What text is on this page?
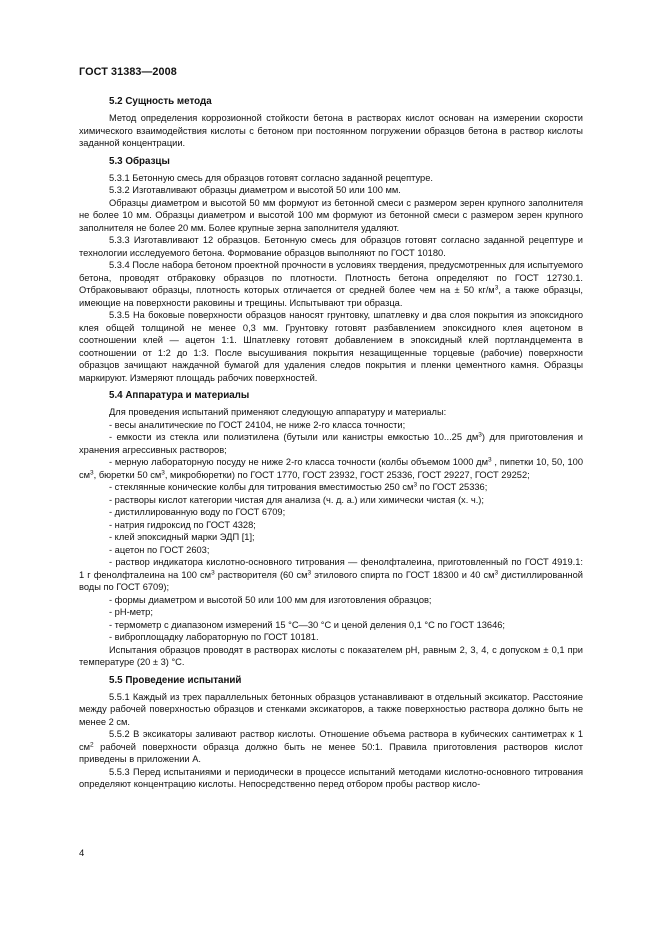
ГОСТ 31383—2008
5.2 Сущность метода

Метод определения коррозионной стойкости бетона в растворах кислот основан на измерении скорости химического взаимодействия кислоты с бетоном при постоянном погружении образцов бетона в раствор кислоты заданной концентрации.

5.3 Образцы

5.3.1 Бетонную смесь для образцов готовят согласно заданной рецептуре.

5.3.2 Изготавливают образцы диаметром и высотой 50 или 100 мм.

Образцы диаметром и высотой 50 мм формуют из бетонной смеси с размером зерен крупного заполнителя не более 10 мм. Образцы диаметром и высотой 100 мм формуют из бетонной смеси с размером зерен крупного заполнителя не более 20 мм. Более крупные зерна заполнителя удаляют.

5.3.3 Изготавливают 12 образцов. Бетонную смесь для образцов готовят согласно заданной рецептуре и технологии исследуемого бетона. Формование образцов выполняют по ГОСТ 10180.

5.3.4 После набора бетоном проектной прочности в условиях твердения, предусмотренных для испытуемого бетона, проводят отбраковку образцов по плотности. Плотность бетона определяют по ГОСТ 12730.1. Отбраковывают образцы, плотность которых отличается от средней более чем на ± 50 $кг/м^3$, а также образцы, имеющие на поверхности раковины и трещины. Испытывают три образца.

5.3.5 На боковые поверхности образцов наносят грунтовку, шпатлевку и два слоя покрытия из эпоксидного клея общей толщиной не менее 0,3 мм. Грунтовку готовят разбавлением эпоксидного клея ацетоном в соотношении клей — ацетон 1:1. Шпатлевку готовят добавлением в эпоксидный клей портландцемента в соотношении от 1:2 до 1:3. После высушивания покрытия незащищенные торцевые (рабочие) поверхности образцов зачищают наждачной бумагой для удаления следов покрытия и пленки цементного камня. Образцы маркируют. Измеряют площадь рабочих поверхностей.

5.4 Аппаратура и материалы

Для проведения испытаний применяют следующую аппаратуру и материалы:

- весы аналитические по ГОСТ 24104, не ниже 2-го класса точности;

- емкости из стекла или полиэтилена (бутыли или канистры емкостью 10...25 $дм^3$) для приготовления и хранения агрессивных растворов;

- мерную лабораторную посуду не ниже 2-го класса точности (колбы объемом 1000 $дм^3$ , пипетки 10, 50, 100 $см^3$, бюретки 50 $см^3$, микробюретки) по ГОСТ 1770, ГОСТ 23932, ГОСТ 25336, ГОСТ 29227, ГОСТ 29252;

- стеклянные конические колбы для титрования вместимостью 250 $см^3$ по ГОСТ 25336;

- растворы кислот категории чистая для анализа (ч. д. а.) или химически чистая (х. ч.);

- дистиллированную воду по ГОСТ 6709;

- натрия гидроксид по ГОСТ 4328;

- клей эпоксидный марки ЭДП [1];

- ацетон по ГОСТ 2603;

- раствор индикатора кислотно-основного титрования — фенолфталеина, приготовленный по ГОСТ 4919.1: 1 г фенолфталеина на 100 $см^3$ растворителя (60 $см^3$ этилового спирта по ГОСТ 18300 и 40 $см^3$ дистиллированной воды по ГОСТ 6709);

- формы диаметром и высотой 50 или 100 мм для изготовления образцов;

- рН-метр;

- термометр с диапазоном измерений 15 °С—30 °С и ценой деления 0,1 °С по ГОСТ 13646;

- виброплощадку лабораторную по ГОСТ 10181.

Испытания образцов проводят в растворах кислоты с показателем рН, равным 2, 3, 4, с допуском ± 0,1 при температуре (20 ± 3) °С.

5.5 Проведение испытаний

5.5.1 Каждый из трех параллельных бетонных образцов устанавливают в отдельный эксикатор. Расстояние между рабочей поверхностью образцов и стенками эксикаторов, а также поверхностью раствора должно быть не менее 2 см.

5.5.2 В эксикаторы заливают раствор кислоты. Отношение объема раствора в кубических сантиметрах к 1 $см^2$ рабочей поверхности образца должно быть не менее 50:1. Правила приготовления растворов кислот приведены в приложении А.

5.5.3 Перед испытаниями и периодически в процессе испытаний методами кислотно-основного титрования определяют концентрацию кислоты. Непосредственно перед отбором пробы раствор кисло-

4
